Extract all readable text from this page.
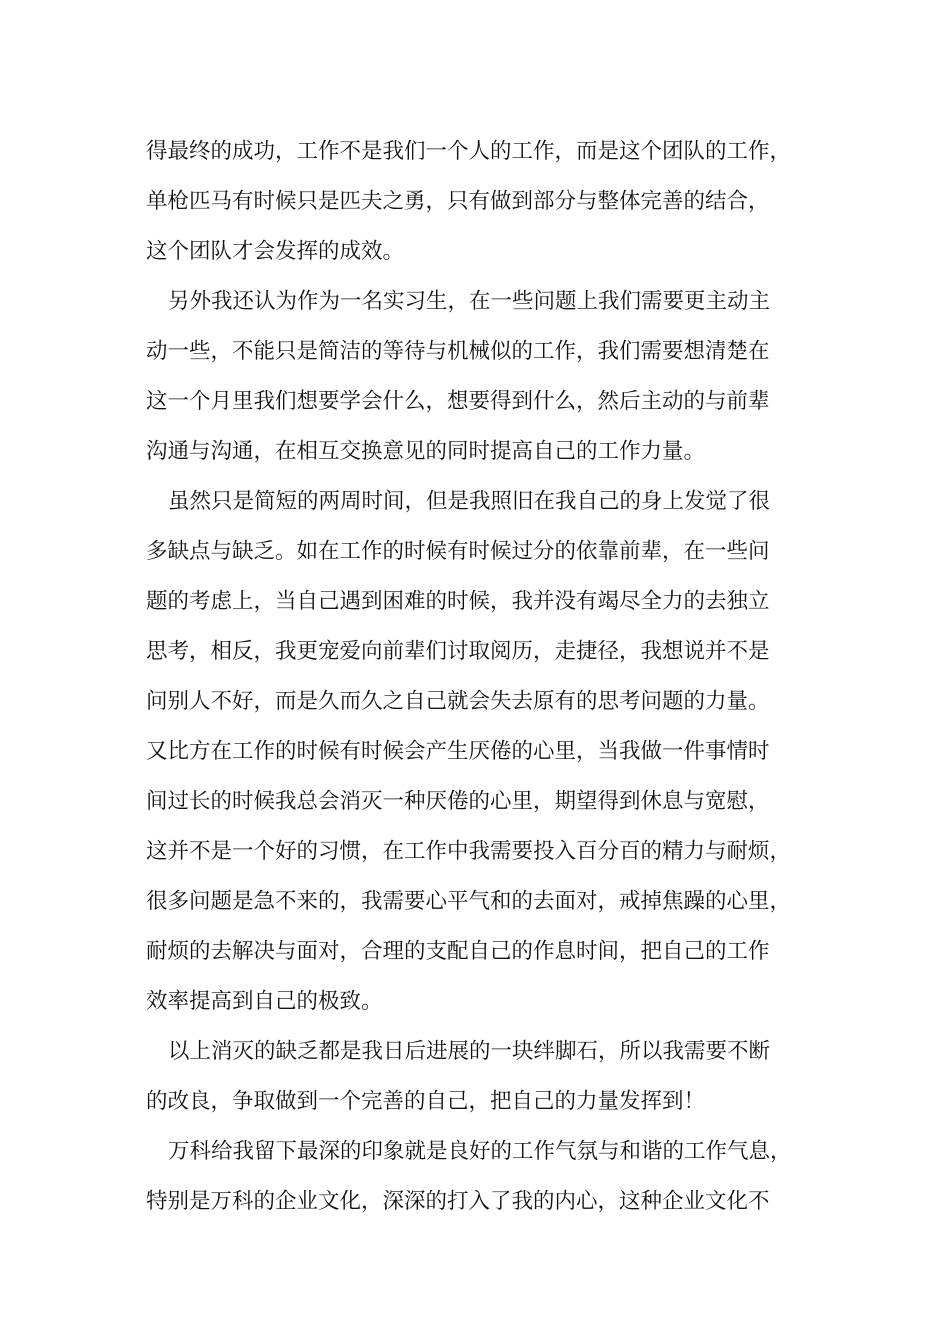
得最终的成功，工作不是我们一个人的工作，而是这个团队的工作，
单枪匹马有时候只是匹夫之勇，只有做到部分与整体完善的结合，
这个团队才会发挥的成效。
另外我还认为作为一名实习生，在一些问题上我们需要更主动主
动一些，不能只是简洁的等待与机械似的工作，我们需要想清楚在
这一个月里我们想要学会什么，想要得到什么，然后主动的与前辈
沟通与沟通，在相互交换意见的同时提高自己的工作力量。
虽然只是简短的两周时间，但是我照旧在我自己的身上发觉了很
多缺点与缺乏。如在工作的时候有时候过分的依靠前辈，在一些问
题的考虑上，当自己遇到困难的时候，我并没有竭尽全力的去独立
思考，相反，我更宠爱向前辈们讨取阅历，走捷径，我想说并不是
问别人不好，而是久而久之自己就会失去原有的思考问题的力量。
又比方在工作的时候有时候会产生厌倦的心里，当我做一件事情时
间过长的时候我总会消灭一种厌倦的心里，期望得到休息与宽慰，
这并不是一个好的习惯，在工作中我需要投入百分百的精力与耐烦，
很多问题是急不来的，我需要心平气和的去面对，戒掉焦躁的心里，
耐烦的去解决与面对，合理的支配自己的作息时间，把自己的工作
效率提高到自己的极致。
以上消灭的缺乏都是我日后进展的一块绊脚石，所以我需要不断
的改良，争取做到一个完善的自己，把自己的力量发挥到！
万科给我留下最深的印象就是良好的工作气氛与和谐的工作气息，
特别是万科的企业文化，深深的打入了我的内心，这种企业文化不
